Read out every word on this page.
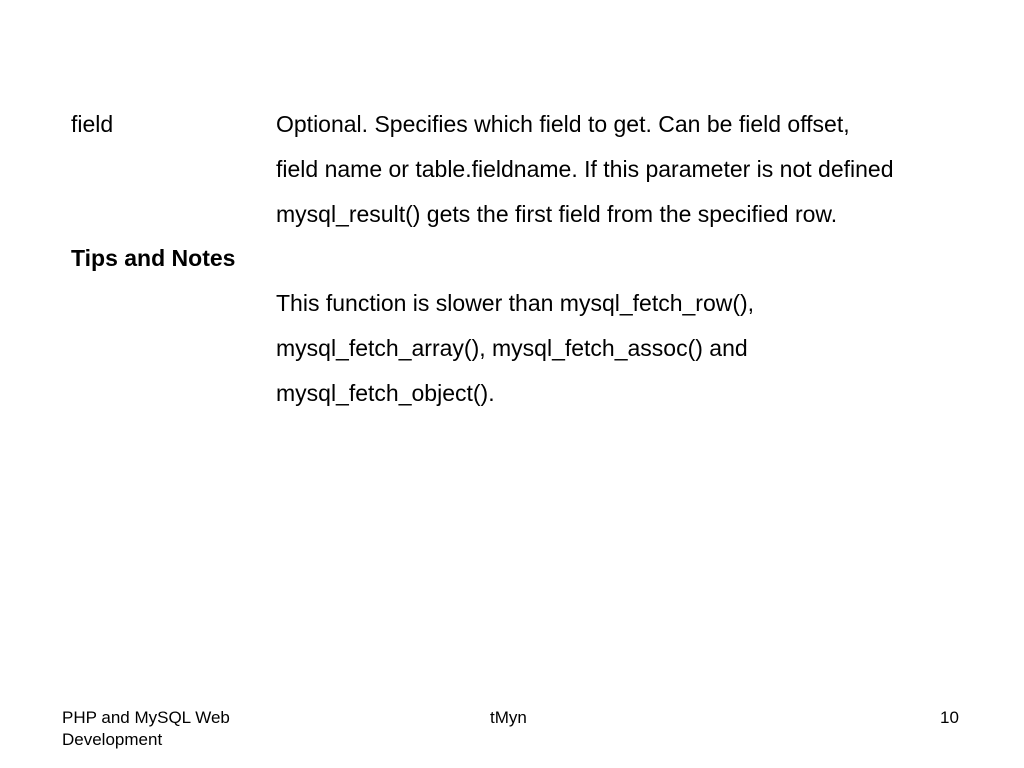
field	Optional. Specifies which field to get. Can be field offset,
field name or table.fieldname. If this parameter is not defined
mysql_result() gets the first field from the specified row.
Tips and Notes
This function is slower than mysql_fetch_row(),
mysql_fetch_array(), mysql_fetch_assoc() and
mysql_fetch_object().
PHP and MySQL Web
Development
tMyn	10
